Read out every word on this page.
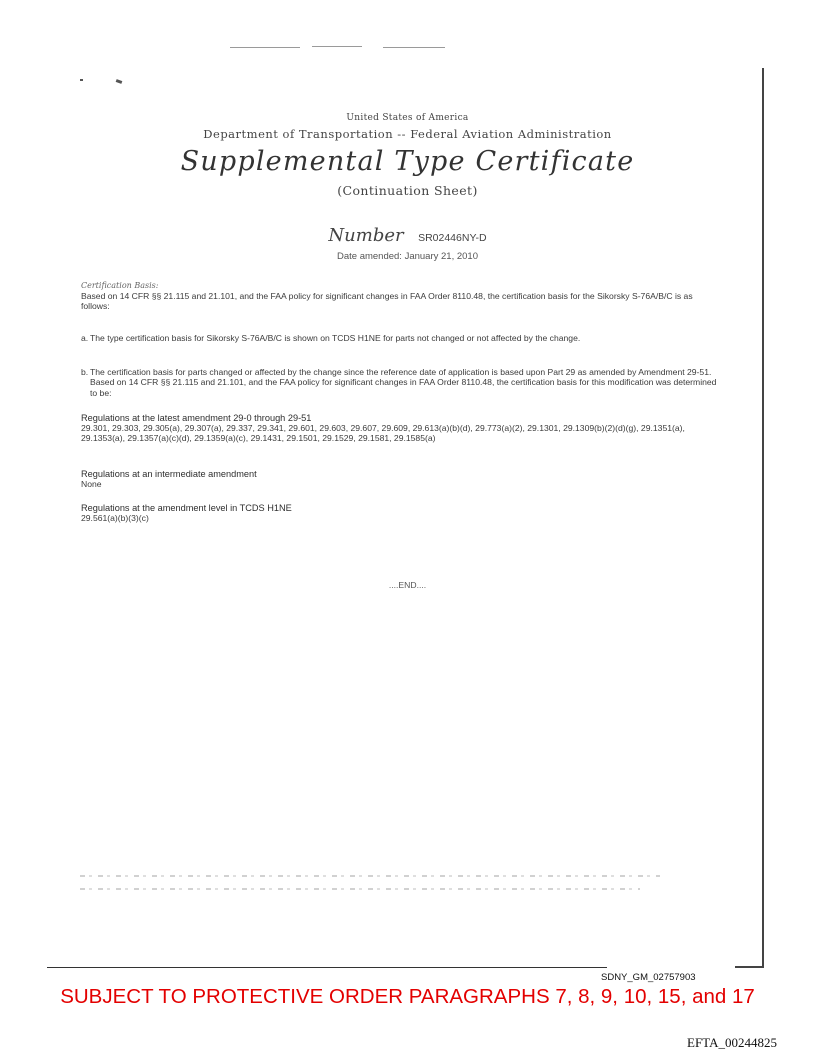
United States of America
Department of Transportation -- Federal Aviation Administration
Supplemental Type Certificate
(Continuation Sheet)
Number SR02446NY-D
Date amended: January 21, 2010
Certification Basis:
Based on 14 CFR §§ 21.115 and 21.101, and the FAA policy for significant changes in FAA Order 8110.48, the certification basis for the Sikorsky S-76A/B/C is as follows:
a. The type certification basis for Sikorsky S-76A/B/C is shown on TCDS H1NE for parts not changed or not affected by the change.
b. The certification basis for parts changed or affected by the change since the reference date of application is based upon Part 29 as amended by Amendment 29-51. Based on 14 CFR §§ 21.115 and 21.101, and the FAA policy for significant changes in FAA Order 8110.48, the certification basis for this modification was determined to be:
Regulations at the latest amendment 29-0 through 29-51
29.301, 29.303, 29.305(a), 29.307(a), 29.337, 29.341, 29.601, 29.603, 29.607, 29.609, 29.613(a)(b)(d), 29.773(a)(2), 29.1301, 29.1309(b)(2)(d)(g), 29.1351(a), 29.1353(a), 29.1357(a)(c)(d), 29.1359(a)(c), 29.1431, 29.1501, 29.1529, 29.1581, 29.1585(a)
Regulations at an intermediate amendment
None
Regulations at the amendment level in TCDS H1NE
29.561(a)(b)(3)(c)
....END....
SDNY_GM_02757903
SUBJECT TO PROTECTIVE ORDER PARAGRAPHS 7, 8, 9, 10, 15, and 17
EFTA_00244825
